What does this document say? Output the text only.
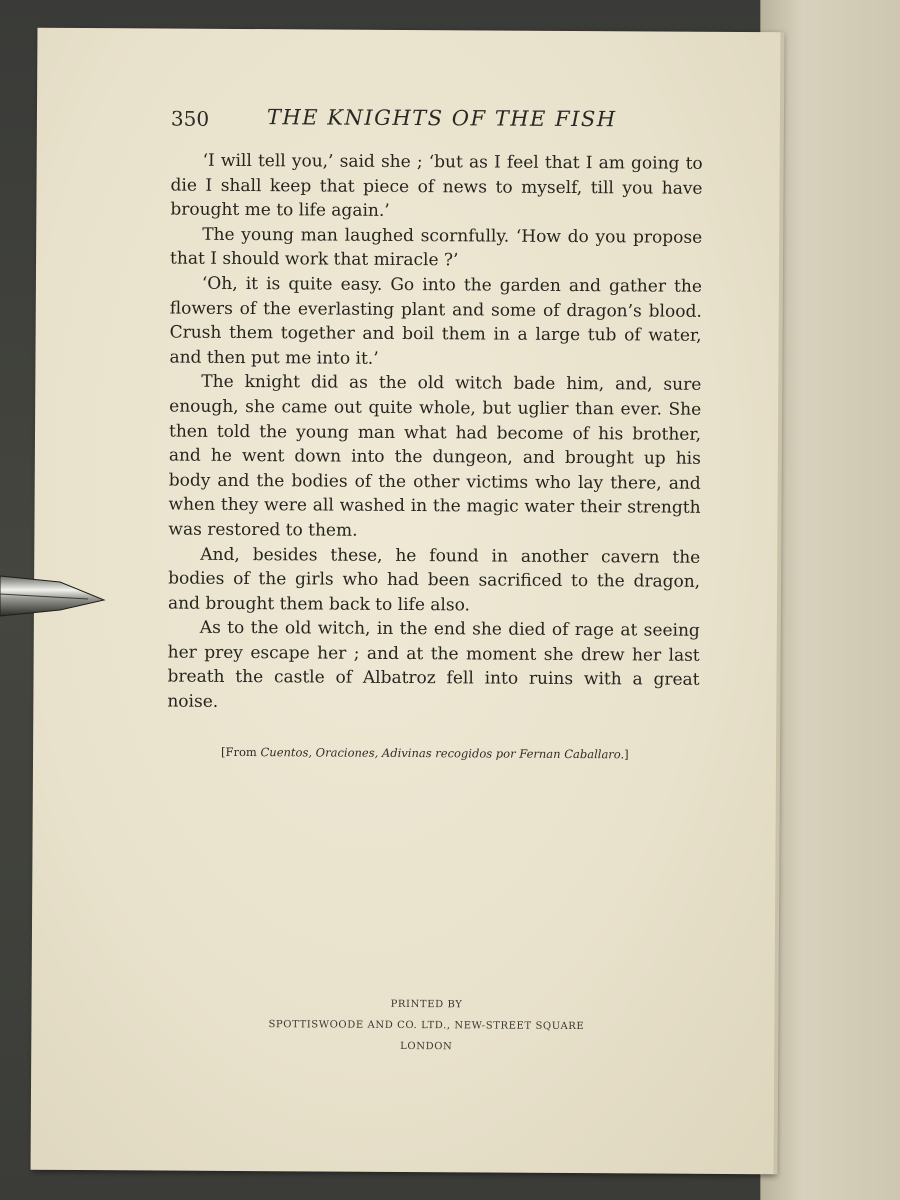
350	THE KNIGHTS OF THE FISH

‘I will tell you,’ said she ; ‘but as I feel that I am going to die I shall keep that piece of news to myself, till you have brought me to life again.’

The young man laughed scornfully. ‘How do you propose that I should work that miracle ?’

‘Oh, it is quite easy. Go into the garden and gather the flowers of the everlasting plant and some of dragon’s blood. Crush them together and boil them in a large tub of water, and then put me into it.’

The knight did as the old witch bade him, and, sure enough, she came out quite whole, but uglier than ever. She then told the young man what had become of his brother, and he went down into the dungeon, and brought up his body and the bodies of the other victims who lay there, and when they were all washed in the magic water their strength was restored to them.

And, besides these, he found in another cavern the bodies of the girls who had been sacrificed to the dragon, and brought them back to life also.

As to the old witch, in the end she died of rage at seeing her prey escape her ; and at the moment she drew her last breath the castle of Albatroz fell into ruins with a great noise.

[From Cuentos, Oraciones, Adivinas recogidos por Fernan Caballaro.]
PRINTED BY
SPOTTISWOODE AND CO. LTD., NEW-STREET SQUARE
LONDON
